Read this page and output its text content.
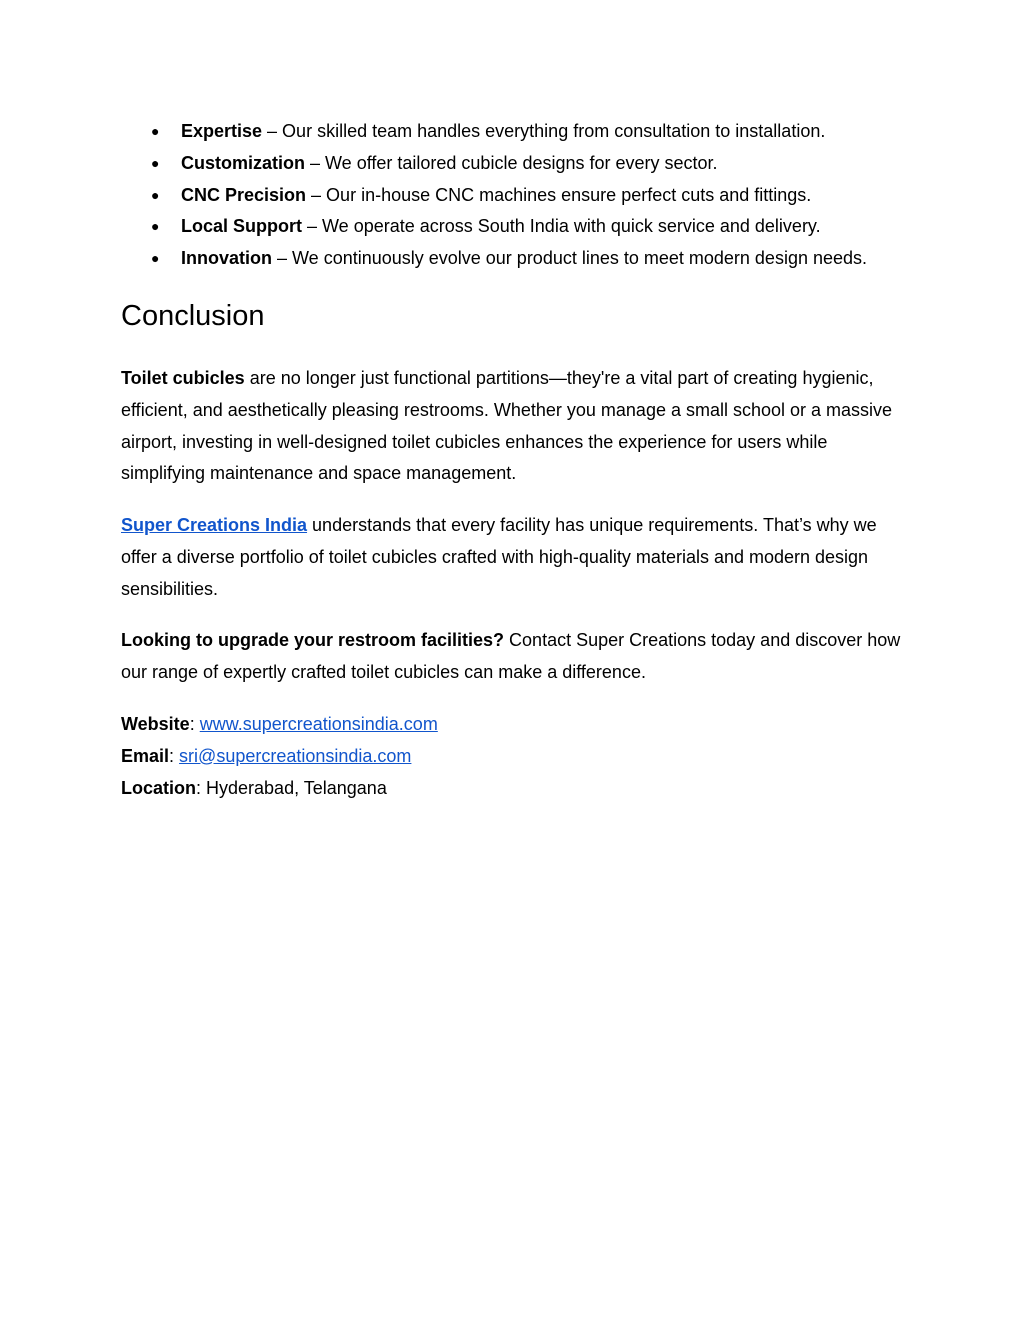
● Expertise – Our skilled team handles everything from consultation to installation.
● Customization – We offer tailored cubicle designs for every sector.
● CNC Precision – Our in-house CNC machines ensure perfect cuts and fittings.
● Local Support – We operate across South India with quick service and delivery.
● Innovation – We continuously evolve our product lines to meet modern design needs.
Conclusion

Toilet cubicles are no longer just functional partitions—they're a vital part of creating hygienic, efficient, and aesthetically pleasing restrooms. Whether you manage a small school or a massive airport, investing in well-designed toilet cubicles enhances the experience for users while simplifying maintenance and space management.

Super Creations India understands that every facility has unique requirements. That’s why we offer a diverse portfolio of toilet cubicles crafted with high-quality materials and modern design sensibilities.

Looking to upgrade your restroom facilities? Contact Super Creations today and discover how our range of expertly crafted toilet cubicles can make a difference.

Website: www.supercreationsindia.com
Email: sri@supercreationsindia.com
Location: Hyderabad, Telangana
